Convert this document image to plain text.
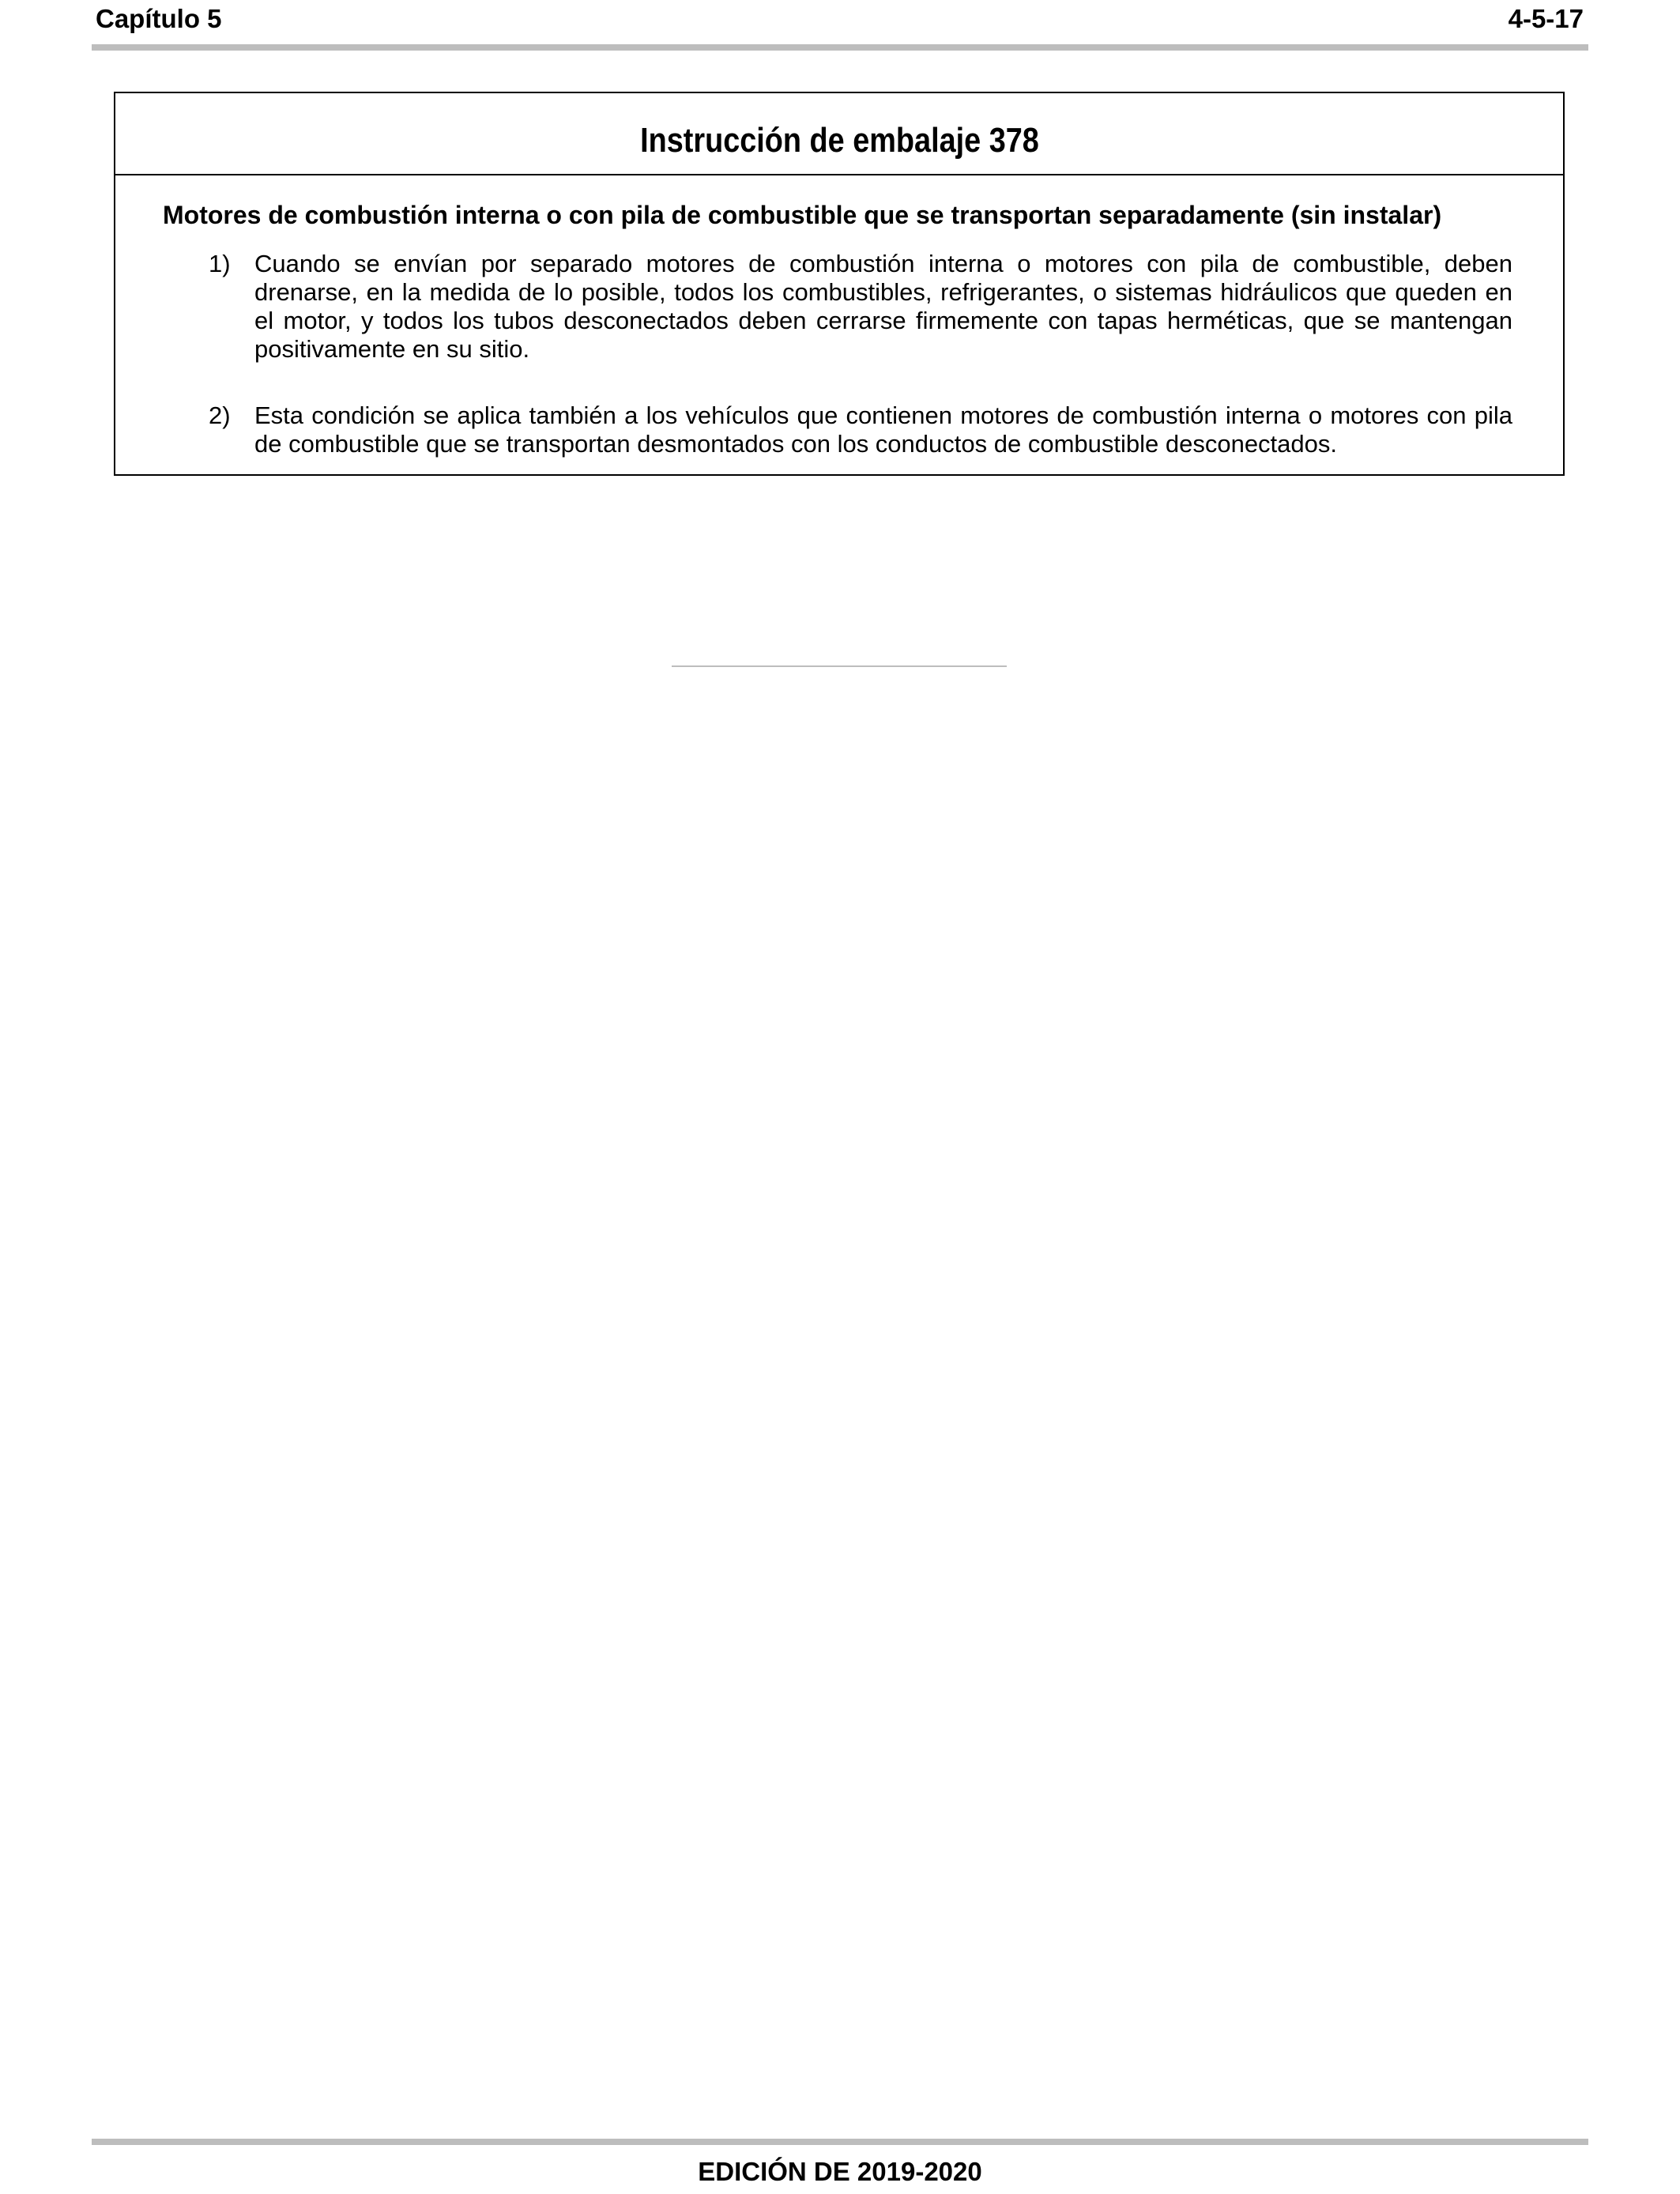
Capítulo 5	4-5-17
Instrucción de embalaje 378
Motores de combustión interna o con pila de combustible que se transportan separadamente (sin instalar)
1) Cuando se envían por separado motores de combustión interna o motores con pila de combustible, deben drenarse, en la medida de lo posible, todos los combustibles, refrigerantes, o sistemas hidráulicos que queden en el motor, y todos los tubos desconectados deben cerrarse firmemente con tapas herméticas, que se mantengan positivamente en su sitio.
2) Esta condición se aplica también a los vehículos que contienen motores de combustión interna o motores con pila de combustible que se transportan desmontados con los conductos de combustible desconectados.
EDICIÓN DE 2019-2020
